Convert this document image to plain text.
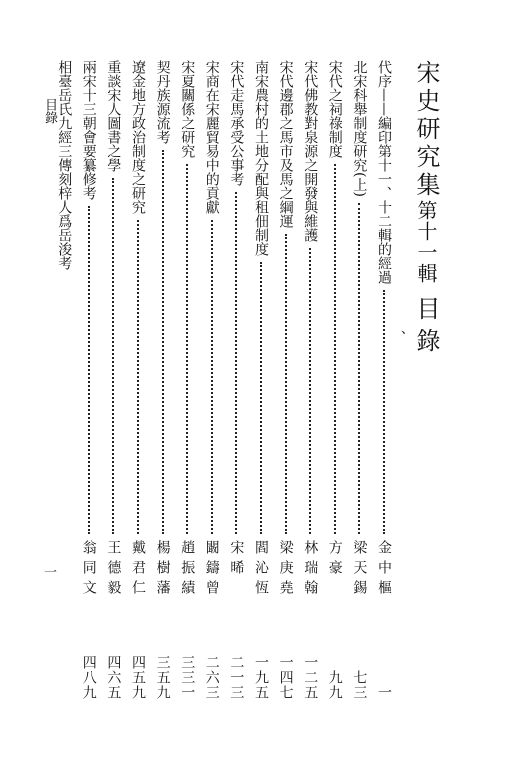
宋史研究集第十一輯目錄
、
代序——編印第十一、十二輯的經過
金中樞
一
北宋科舉制度研究(上)
梁天錫
七三
宋代之祠祿制度
方豪
九九
宋代佛教對泉源之開發與維護
林瑞翰
一二五
宋代邊郡之馬市及馬之綱運
梁庚堯
一四七
南宋農村的土地分配與租佃制度
閻沁恆
一九五
宋代走馬承受公事考
宋晞
二一三
宋商在宋麗貿易中的貢獻
闞鑄曾
二六三
宋夏關係之研究
趙振績
三三一
契丹族源流考
楊樹藩
三五九
遼金地方政治制度之研究
戴君仁
四五九
重談宋人圖書之學
王德毅
四六五
兩宋十三朝會要纂修考
翁同文
四八九
相臺岳氏九經三傳刻梓人爲岳浚考
目錄
一
